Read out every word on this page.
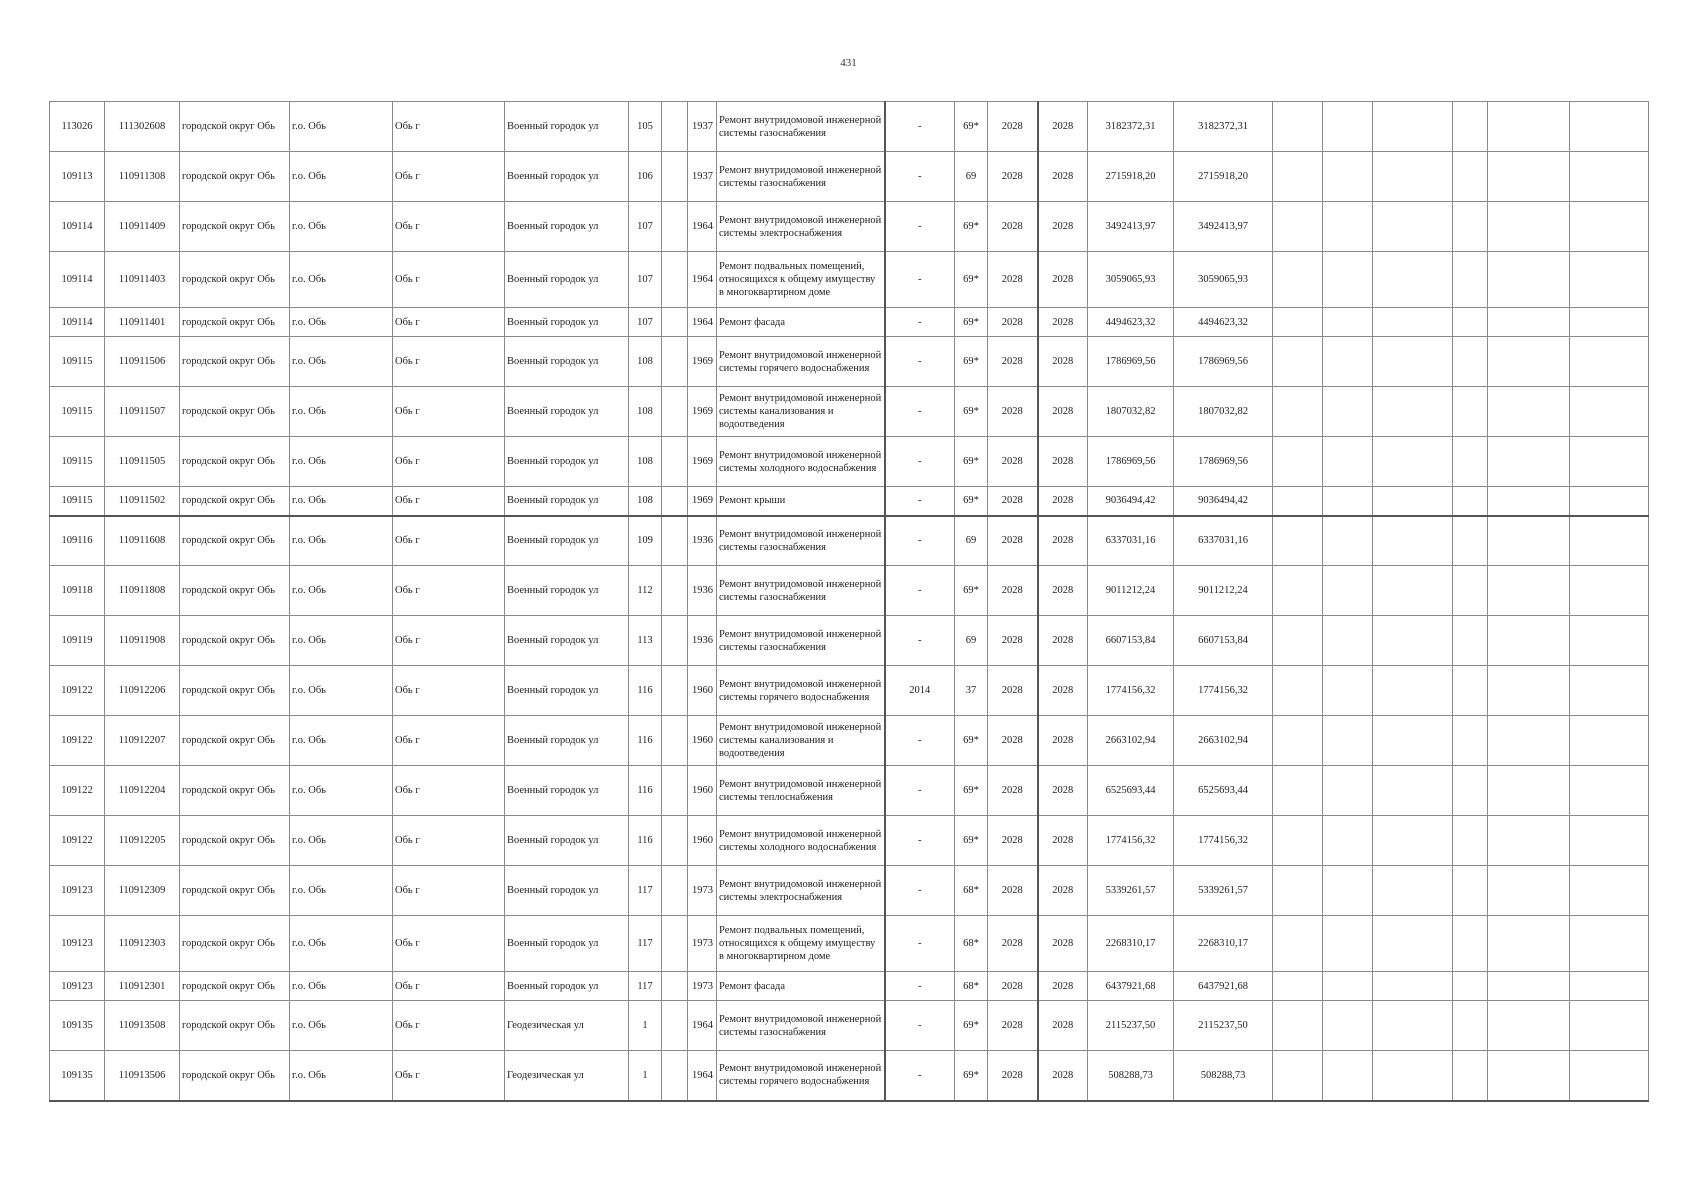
431
113026	111302608	городской округ Обь	г.о. Обь	Обь г	Военный городок ул	105		1937	Ремонт внутридомовой инженерной системы газоснабжения	-	69*	2028	2028	3182372,31	3182372,31						
109113	110911308	городской округ Обь	г.о. Обь	Обь г	Военный городок ул	106		1937	Ремонт внутридомовой инженерной системы газоснабжения	-	69	2028	2028	2715918,20	2715918,20						
109114	110911409	городской округ Обь	г.о. Обь	Обь г	Военный городок ул	107		1964	Ремонт внутридомовой инженерной системы электроснабжения	-	69*	2028	2028	3492413,97	3492413,97						
109114	110911403	городской округ Обь	г.о. Обь	Обь г	Военный городок ул	107		1964	Ремонт подвальных помещений, относящихся к общему имуществу в многоквартирном доме	-	69*	2028	2028	3059065,93	3059065,93						
109114	110911401	городской округ Обь	г.о. Обь	Обь г	Военный городок ул	107		1964	Ремонт фасада	-	69*	2028	2028	4494623,32	4494623,32						
109115	110911506	городской округ Обь	г.о. Обь	Обь г	Военный городок ул	108		1969	Ремонт внутридомовой инженерной системы горячего водоснабжения	-	69*	2028	2028	1786969,56	1786969,56						
109115	110911507	городской округ Обь	г.о. Обь	Обь г	Военный городок ул	108		1969	Ремонт внутридомовой инженерной системы канализования и водоотведения	-	69*	2028	2028	1807032,82	1807032,82						
109115	110911505	городской округ Обь	г.о. Обь	Обь г	Военный городок ул	108		1969	Ремонт внутридомовой инженерной системы холодного водоснабжения	-	69*	2028	2028	1786969,56	1786969,56						
109115	110911502	городской округ Обь	г.о. Обь	Обь г	Военный городок ул	108		1969	Ремонт крыши	-	69*	2028	2028	9036494,42	9036494,42						
109116	110911608	городской округ Обь	г.о. Обь	Обь г	Военный городок ул	109		1936	Ремонт внутридомовой инженерной системы газоснабжения	-	69	2028	2028	6337031,16	6337031,16						
109118	110911808	городской округ Обь	г.о. Обь	Обь г	Военный городок ул	112		1936	Ремонт внутридомовой инженерной системы газоснабжения	-	69*	2028	2028	9011212,24	9011212,24						
109119	110911908	городской округ Обь	г.о. Обь	Обь г	Военный городок ул	113		1936	Ремонт внутридомовой инженерной системы газоснабжения	-	69	2028	2028	6607153,84	6607153,84						
109122	110912206	городской округ Обь	г.о. Обь	Обь г	Военный городок ул	116		1960	Ремонт внутридомовой инженерной системы горячего водоснабжения	2014	37	2028	2028	1774156,32	1774156,32						
109122	110912207	городской округ Обь	г.о. Обь	Обь г	Военный городок ул	116		1960	Ремонт внутридомовой инженерной системы канализования и водоотведения	-	69*	2028	2028	2663102,94	2663102,94						
109122	110912204	городской округ Обь	г.о. Обь	Обь г	Военный городок ул	116		1960	Ремонт внутридомовой инженерной системы теплоснабжения	-	69*	2028	2028	6525693,44	6525693,44						
109122	110912205	городской округ Обь	г.о. Обь	Обь г	Военный городок ул	116		1960	Ремонт внутридомовой инженерной системы холодного водоснабжения	-	69*	2028	2028	1774156,32	1774156,32						
109123	110912309	городской округ Обь	г.о. Обь	Обь г	Военный городок ул	117		1973	Ремонт внутридомовой инженерной системы электроснабжения	-	68*	2028	2028	5339261,57	5339261,57						
109123	110912303	городской округ Обь	г.о. Обь	Обь г	Военный городок ул	117		1973	Ремонт подвальных помещений, относящихся к общему имуществу в многоквартирном доме	-	68*	2028	2028	2268310,17	2268310,17						
109123	110912301	городской округ Обь	г.о. Обь	Обь г	Военный городок ул	117		1973	Ремонт фасада	-	68*	2028	2028	6437921,68	6437921,68						
109135	110913508	городской округ Обь	г.о. Обь	Обь г	Геодезическая ул	1		1964	Ремонт внутридомовой инженерной системы газоснабжения	-	69*	2028	2028	2115237,50	2115237,50						
109135	110913506	городской округ Обь	г.о. Обь	Обь г	Геодезическая ул	1		1964	Ремонт внутридомовой инженерной системы горячего водоснабжения	-	69*	2028	2028	508288,73	508288,73						
